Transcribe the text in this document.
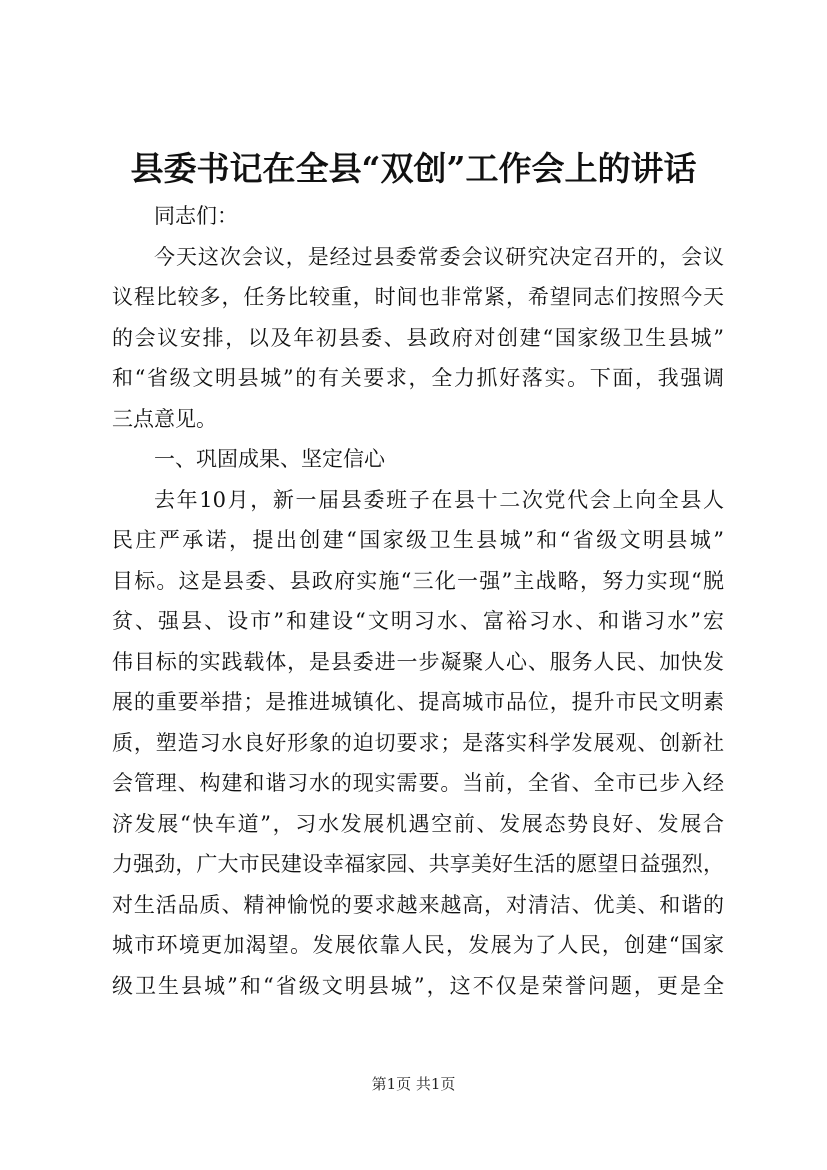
县委书记在全县“双创”工作会上的讲话
同志们：
今天这次会议，是经过县委常委会议研究决定召开的，会议
议程比较多，任务比较重，时间也非常紧，希望同志们按照今天
的会议安排，以及年初县委、县政府对创建“国家级卫生县城”
和“省级文明县城”的有关要求，全力抓好落实。下面，我强调
三点意见。
一、巩固成果、坚定信心
去年10月，新一届县委班子在县十二次党代会上向全县人
民庄严承诺，提出创建“国家级卫生县城”和“省级文明县城”
目标。这是县委、县政府实施“三化一强”主战略，努力实现“脱
贫、强县、设市”和建设“文明习水、富裕习水、和谐习水”宏
伟目标的实践载体，是县委进一步凝聚人心、服务人民、加快发
展的重要举措；是推进城镇化、提高城市品位，提升市民文明素
质，塑造习水良好形象的迫切要求；是落实科学发展观、创新社
会管理、构建和谐习水的现实需要。当前，全省、全市已步入经
济发展“快车道”，习水发展机遇空前、发展态势良好、发展合
力强劲，广大市民建设幸福家园、共享美好生活的愿望日益强烈，
对生活品质、精神愉悦的要求越来越高，对清洁、优美、和谐的
城市环境更加渴望。发展依靠人民，发展为了人民，创建“国家
级卫生县城”和“省级文明县城”，这不仅是荣誉问题，更是全
第1页 共1页
